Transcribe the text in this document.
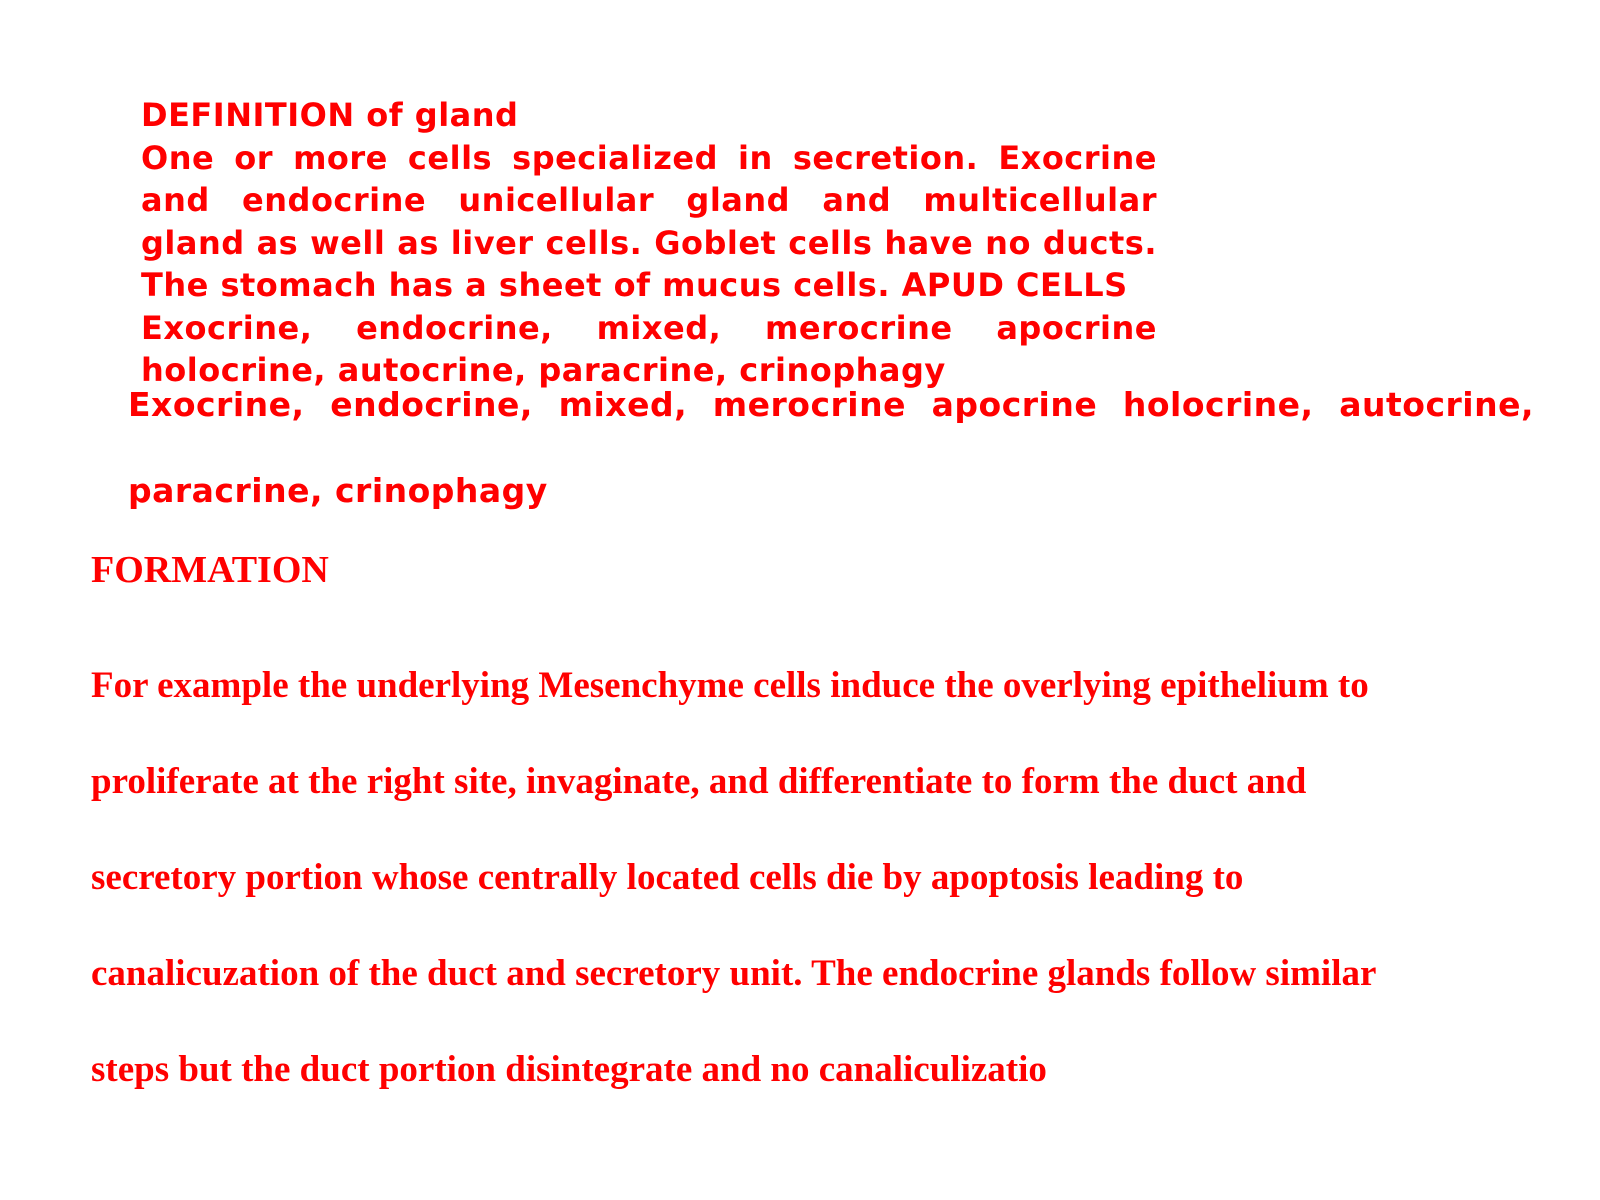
DEFINITION of gland
One or more cells specialized in secretion. Exocrine and endocrine unicellular gland and multicellular gland as well as liver cells. Goblet cells have no ducts. The stomach has a sheet of mucus cells. APUD CELLS
Exocrine, endocrine, mixed, merocrine apocrine holocrine, autocrine, paracrine, crinophagy
Exocrine, endocrine, mixed, merocrine apocrine holocrine, autocrine, paracrine, crinophagy
FORMATION
For example the underlying Mesenchyme cells induce the overlying epithelium to
proliferate at the right site, invaginate, and differentiate to form the duct and
secretory portion whose centrally located cells die by apoptosis leading to
canalicuzation of the duct and secretory unit. The endocrine glands follow similar
steps but the duct portion disintegrate and no canaliculizatio
